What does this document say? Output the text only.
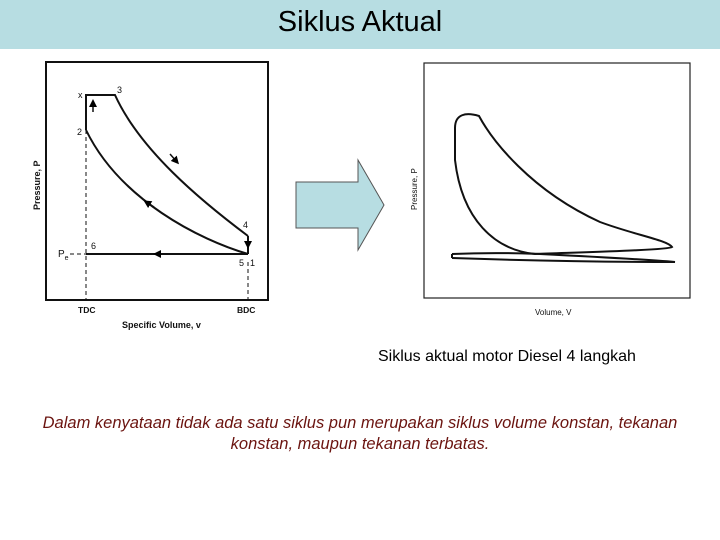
Siklus Aktual
x	3
2
4
6
5 1
$P_e$
TDC	BDC
Specific Volume, v
Pressure, P
Volume, V
Pressure, P
Siklus aktual motor Diesel 4 langkah
Dalam kenyataan tidak ada satu siklus pun merupakan siklus volume konstan, tekanan konstan, maupun tekanan terbatas.
